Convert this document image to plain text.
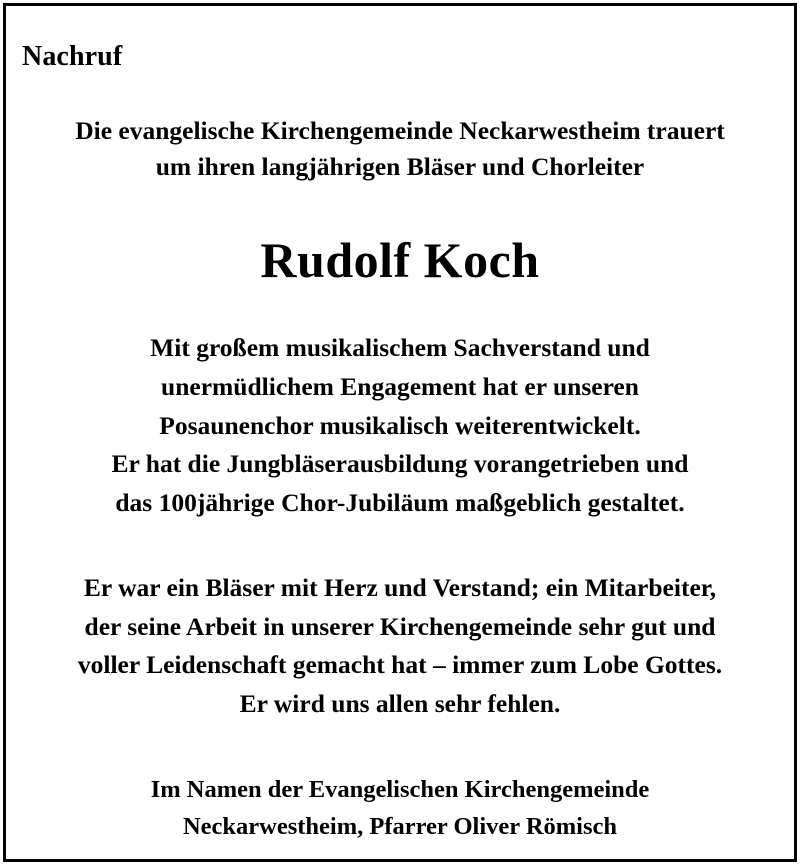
Nachruf
Die evangelische Kirchengemeinde Neckarwestheim trauert
um ihren langjährigen Bläser und Chorleiter
Rudolf Koch
Mit großem musikalischem Sachverstand und
unermüdlichem Engagement hat er unseren
Posaunenchor musikalisch weiterentwickelt.
Er hat die Jungbläserausbildung vorangetrieben und
das 100jährige Chor-Jubiläum maßgeblich gestaltet.
Er war ein Bläser mit Herz und Verstand; ein Mitarbeiter,
der seine Arbeit in unserer Kirchengemeinde sehr gut und
voller Leidenschaft gemacht hat – immer zum Lobe Gottes.
Er wird uns allen sehr fehlen.
Im Namen der Evangelischen Kirchengemeinde
Neckarwestheim, Pfarrer Oliver Römisch
